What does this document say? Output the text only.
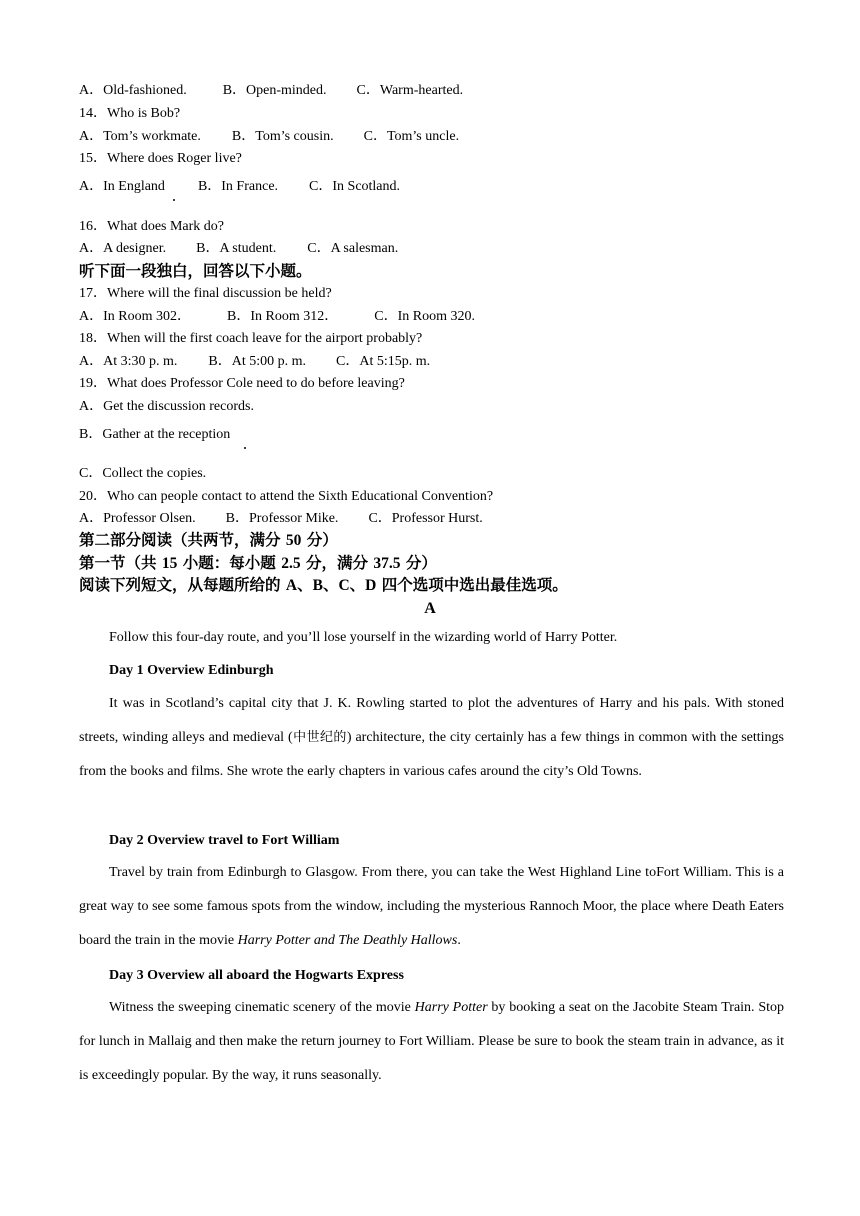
A．Old-fashioned.	B．Open-minded. C．Warm-hearted.
14．Who is Bob?
A．Tom’s workmate. B．Tom’s cousin. C．Tom’s uncle.
15．Where does Roger live?
A．In England B．In France. C．In Scotland.
16．What does Mark do?
A．A designer. B．A student. C．A salesman.
听下面一段独白，回答以下小题。
17．Where will the final discussion be held?
A．In Room 302．	B．In Room 312．	C．In Room 320.
18．When will the first coach leave for the airport probably?
A．At 3:30 p. m. B．At 5:00 p. m. C．At 5:15p. m.
19．What does Professor Cole need to do before leaving?
A．Get the discussion records.
B．Gather at the reception
C．Collect the copies.
20．Who can people contact to attend the Sixth Educational Convention?
A．Professor Olsen. B．Professor Mike. C．Professor Hurst.
第二部分阅读（共两节，满分 50 分）
第一节（共 15 小题：每小题 2.5 分，满分 37.5 分）
阅读下列短文，从每题所给的 A、B、C、D 四个选项中选出最佳选项。
A
Follow this four-day route, and you’ll lose yourself in the wizarding world of Harry Potter.
Day 1 Overview Edinburgh
It was in Scotland’s capital city that J. K. Rowling started to plot the adventures of Harry and his pals. With stoned streets, winding alleys and medieval (中世纪的) architecture, the city certainly has a few things in common with the settings from the books and films. She wrote the early chapters in various cafes around the city’s Old Towns.
Day 2 Overview travel to Fort William
Travel by train from Edinburgh to Glasgow. From there, you can take the West Highland Line toFort William. This is a great way to see some famous spots from the window, including the mysterious Rannoch Moor, the place where Death Eaters board the train in the movie Harry Potter and The Deathly Hallows.
Day 3 Overview all aboard the Hogwarts Express
Witness the sweeping cinematic scenery of the movie Harry Potter by booking a seat on the Jacobite Steam Train. Stop for lunch in Mallaig and then make the return journey to Fort William. Please be sure to book the steam train in advance, as it is exceedingly popular. By the way, it runs seasonally.
